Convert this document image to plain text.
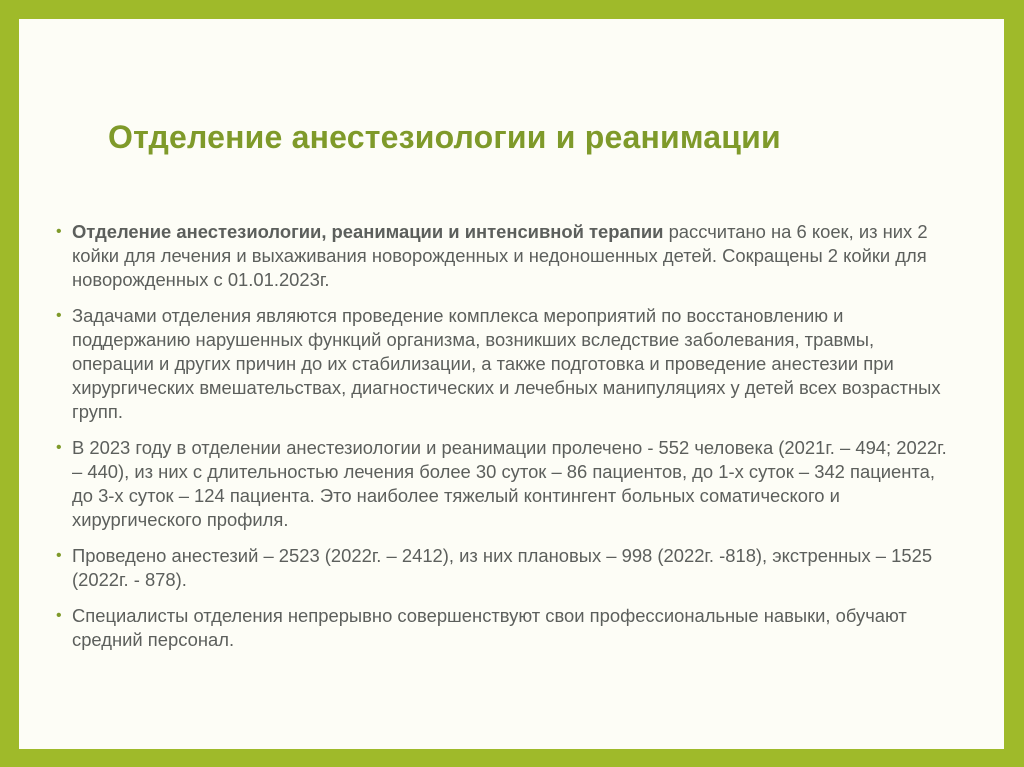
Отделение анестезиологии и реанимации
• Отделение анестезиологии, реанимации и интенсивной терапии рассчитано на 6 коек, из них 2 койки для лечения и выхаживания новорожденных и недоношенных детей. Сокращены 2 койки для новорожденных с 01.01.2023г.
• Задачами отделения являются проведение комплекса мероприятий по восстановлению и поддержанию нарушенных функций организма, возникших вследствие заболевания, травмы, операции и других причин до их стабилизации, а также подготовка и проведение анестезии при хирургических вмешательствах, диагностических и лечебных манипуляциях у детей всех возрастных групп.
• В 2023 году в отделении анестезиологии и реанимации пролечено - 552 человека (2021г. – 494; 2022г. – 440), из них с длительностью лечения более 30 суток – 86 пациентов, до 1-х суток – 342 пациента, до 3-х суток – 124 пациента. Это наиболее тяжелый контингент больных соматического и хирургического профиля.
• Проведено анестезий – 2523 (2022г. – 2412), из них плановых – 998 (2022г. -818), экстренных – 1525 (2022г. - 878).
• Специалисты отделения непрерывно совершенствуют свои профессиональные навыки, обучают средний персонал.
